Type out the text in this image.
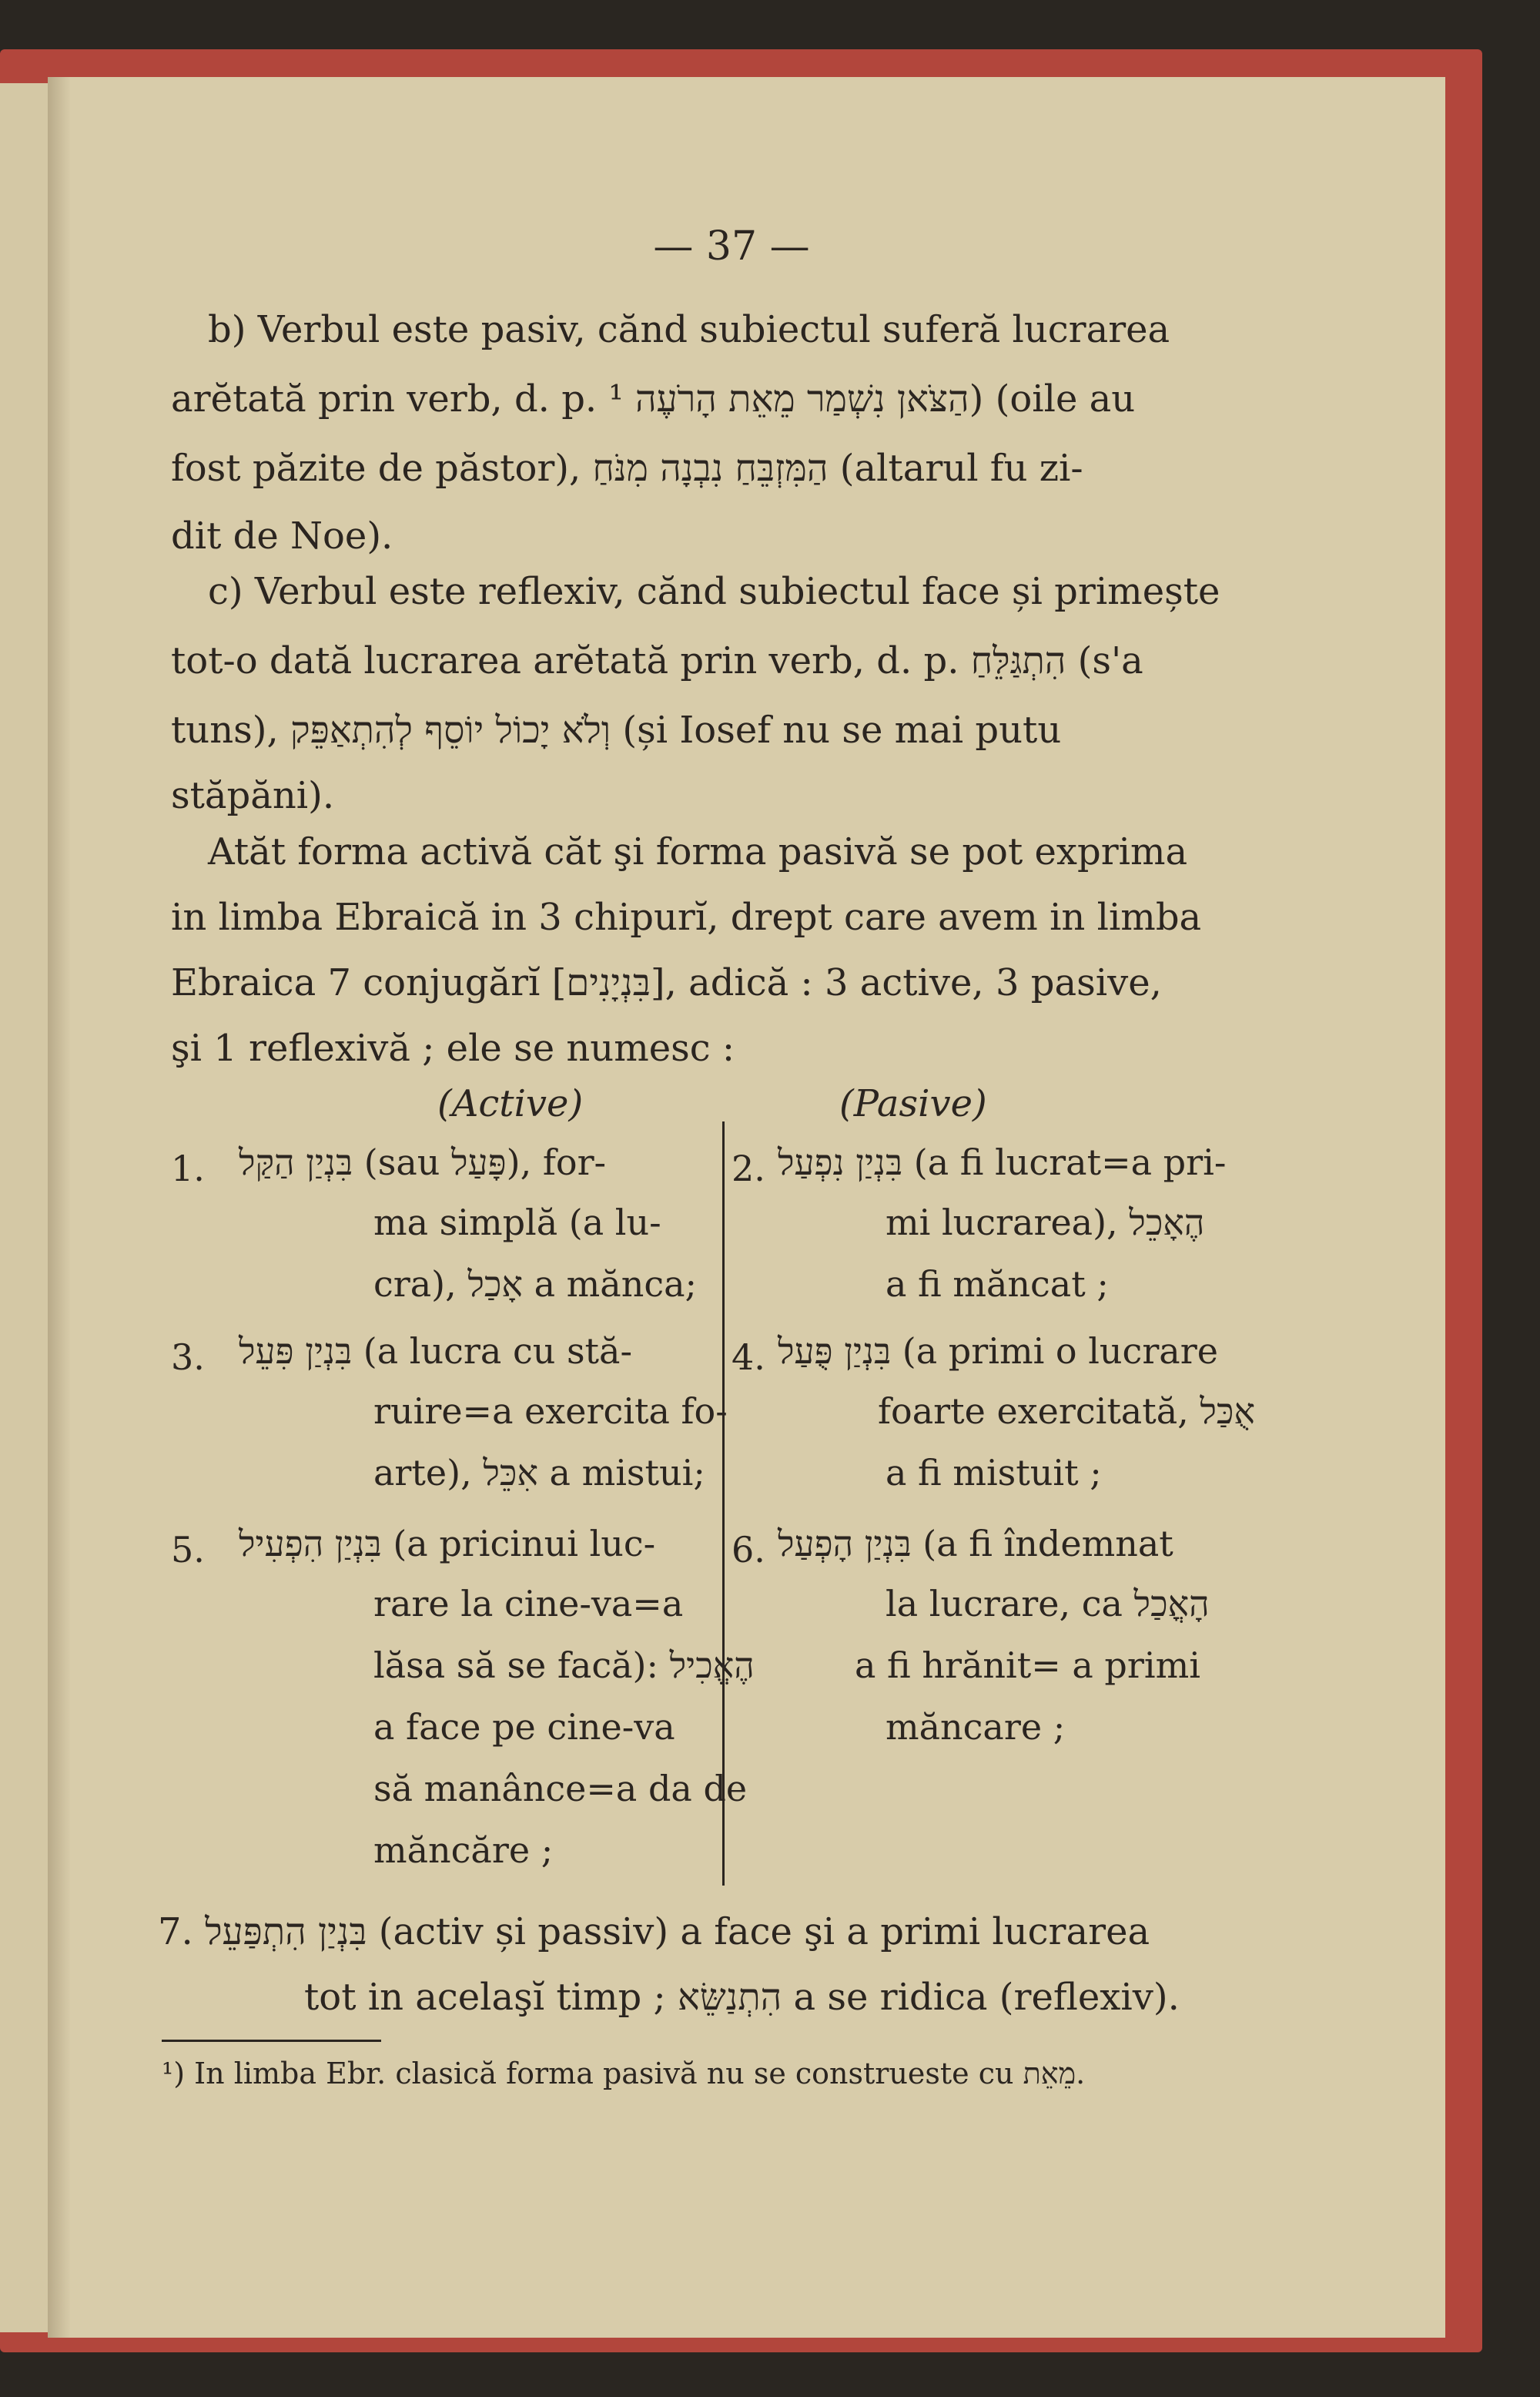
— 37 —

b) Verbul este pasiv, cănd subiectul suferă lucrarea

arĕtată prin verb, d. p. הַצֹּאן נִשְׁמַר מֵאֵת הָרֹעֶה ¹) (oile au

fost păzite de păstor), הַמִּזְבֵּחַ נִבְנָה מִנֹּחַ (altarul fu zi-

dit de Noe).

c) Verbul este reflexiv, cănd subiectul face și primește

tot-o dată lucrarea arĕtată prin verb, d. p. הִתְגַּלֵּחַ (s'a

tuns), וְלֹא יָכוֹל יוֹסֵף לְהִתְאַפֵּק (și Iosef nu se mai putu

stăpăni).

Atăt forma activă căt şi forma pasivă se pot exprima

in limba Ebraică in 3 chipurĭ, drept care avem in limba

Ebraica 7 conjugărĭ [בִּנְיָנִים], adică : 3 active, 3 pasive,

şi 1 reflexivă ; ele se numesc :

(Active)	(Pasive)
1. בִּנְיַן הַקַּל (sau פָּעַל), for-
ma simplă (a lu-
cra), אָכַל a mănca;
3. בִּנְיַן פִּעֵל (a lucra cu stă-
ruire=a exercita fo-
arte), אִכֵּל a mistui;
5. בִּנְיַן הִפְעִיל (a pricinui luc-
rare la cine-va=a
lăsa să se facă): הֶאֱכִיל
a face pe cine-va
să manânce=a da de
măncăre ;
2. בִּנְיַן נִפְעַל (a fi lucrat=a pri-
mi lucrarea), הֶאָכֵל
a fi măncat ;
4. בִּנְיַן פֻּעַל (a primi o lucrare
foarte exercitată, אֻכַּל
a fi mistuit ;
6. בִּנְיַן הָפְעַל (a fi îndemnat
la lucrare, ca הָאֳכַל
a fi hrănit= a primi
măncare ;

7. בִּנְיַן הִתְפַּעֵל (activ și passiv) a face şi a primi lucrarea

tot in acelaşĭ timp ; הִתְנַשֵּׂא a se ridica (reflexiv).

¹) In limba Ebr. clasică forma pasivă nu se construeste cu מֵאֵת.
